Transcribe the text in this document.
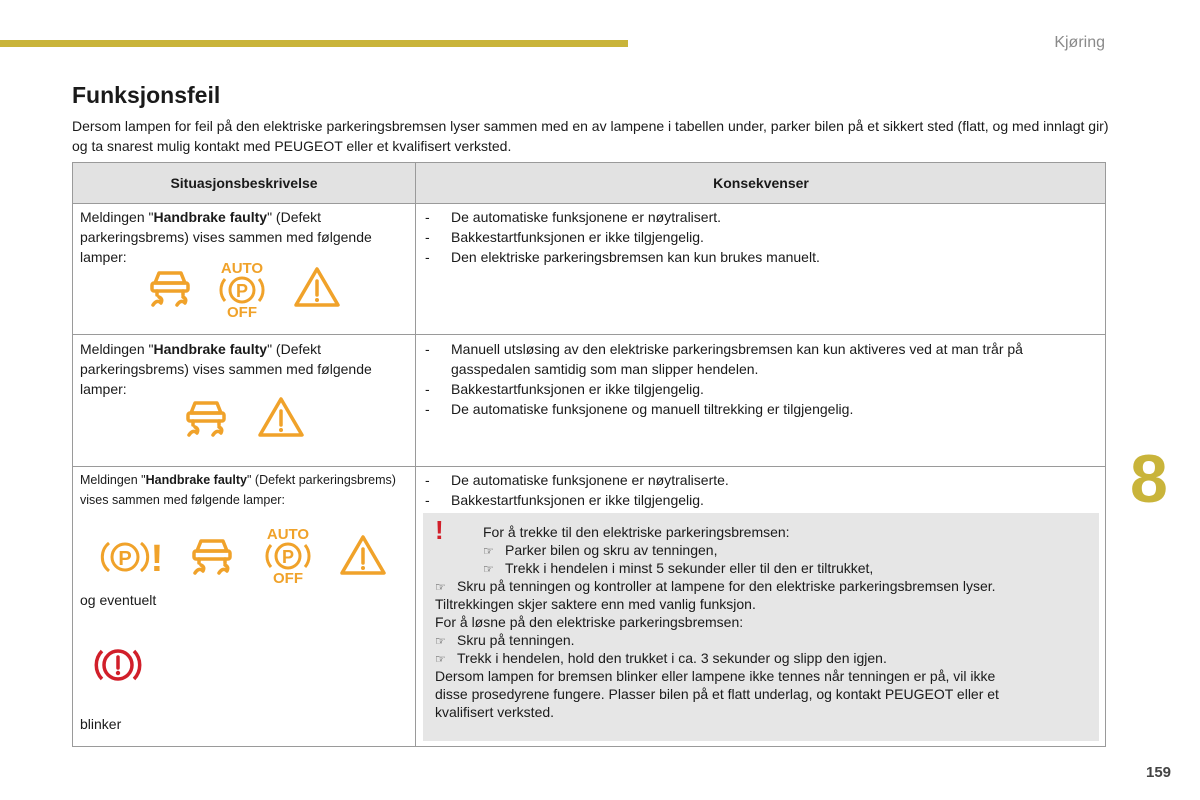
Kjøring
Funksjonsfeil
Dersom lampen for feil på den elektriske parkeringsbremsen lyser sammen med en av lampene i tabellen under, parker bilen på et sikkert sted (flatt, og med innlagt gir) og ta snarest mulig kontakt med PEUGEOT eller et kvalifisert verksted.
Situasjonsbeskrivelse	Konsekvenser
Meldingen "Handbrake faulty" (Defekt parkeringsbrems) vises sammen med følgende lamper:
- De automatiske funksjonene er nøytralisert.
- Bakkestartfunksjonen er ikke tilgjengelig.
- Den elektriske parkeringsbremsen kan kun brukes manuelt.
AUTO
P
OFF
Meldingen "Handbrake faulty" (Defekt parkeringsbrems) vises sammen med følgende lamper:
- Manuell utsløsing av den elektriske parkeringsbremsen kan kun aktiveres ved at man trår på gasspedalen samtidig som man slipper hendelen.
- Bakkestartfunksjonen er ikke tilgjengelig.
- De automatiske funksjonene og manuell tiltrekking er tilgjengelig.
Meldingen "Handbrake faulty" (Defekt parkeringsbrems) vises sammen med følgende lamper:
- De automatiske funksjonene er nøytraliserte.
- Bakkestartfunksjonen er ikke tilgjengelig.
P !
AUTO
P
OFF
og eventuelt
blinker
!	For å trekke til den elektriske parkeringsbremsen:
☞ Parker bilen og skru av tenningen,
☞ Trekk i hendelen i minst 5 sekunder eller til den er tiltrukket,
☞ Skru på tenningen og kontroller at lampene for den elektriske parkeringsbremsen lyser.
Tiltrekkingen skjer saktere enn med vanlig funksjon.
For å løsne på den elektriske parkeringsbremsen:
☞ Skru på tenningen.
☞ Trekk i hendelen, hold den trukket i ca. 3 sekunder og slipp den igjen.
Dersom lampen for bremsen blinker eller lampene ikke tennes når tenningen er på, vil ikke
disse prosedyrene fungere. Plasser bilen på et flatt underlag, og kontakt PEUGEOT eller et
kvalifisert verksted.
8
159
